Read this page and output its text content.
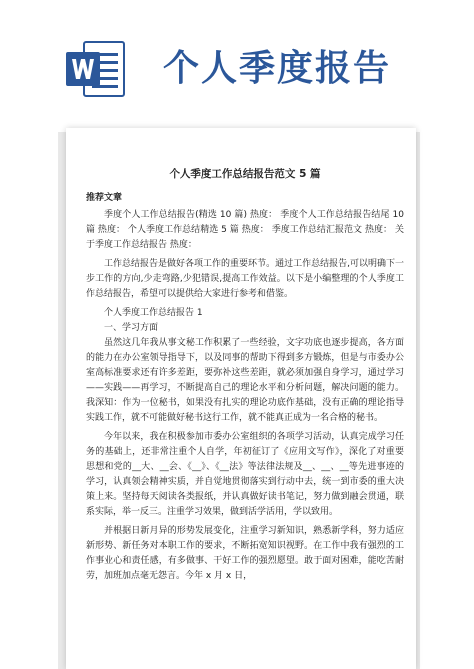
个人季度报告
个人季度工作总结报告范文 5 篇
推荐文章
季度个人工作总结报告(精选 10 篇) 热度： 季度个人工作总结报告结尾 10 篇 热度： 个人季度工作总结精选 5 篇 热度： 季度工作总结汇报范文 热度： 关于季度工作总结报告 热度：
工作总结报告是做好各项工作的重要环节。通过工作总结报告,可以明确下一步工作的方向,少走弯路,少犯错误,提高工作效益。以下是小编整理的个人季度工作总结报告，希望可以提供给大家进行参考和借鉴。
个人季度工作总结报告 1
一、学习方面
虽然这几年我从事文秘工作积累了一些经验，文字功底也逐步提高，各方面的能力在办公室领导指导下，以及同事的帮助下得到多方锻炼，但是与市委办公室高标准要求还有许多差距，要弥补这些差距，就必须加强自身学习，通过学习——实践——再学习，不断提高自己的理论水平和分析问题，解决问题的能力。我深知：作为一位秘书，如果没有扎实的理论功底作基础，没有正确的理论指导实践工作，就不可能做好秘书这行工作，就不能真正成为一名合格的秘书。
今年以来，我在积极参加市委办公室组织的各项学习活动，认真完成学习任务的基础上，还非常注重个人自学，年初征订了《应用文写作》，深化了对重要思想和党的__大、__会、《__》、《__法》等法律法规及__、__、__等先进事迹的学习，认真领会精神实质，并自觉地贯彻落实到行动中去，统一到市委的重大决策上来。坚持每天阅读各类报纸，并认真做好读书笔记，努力做到融会贯通，联系实际，举一反三。注重学习效果，做到活学活用，学以致用。
并根据日新月异的形势发展变化，注重学习新知识，熟悉新学科，努力适应新形势、新任务对本职工作的要求，不断拓宽知识视野。在工作中我有强烈的工作事业心和责任感，有多做事、干好工作的强烈愿望。敢于面对困难，能吃苦耐劳，加班加点毫无怨言。今年 x 月 x 日，
